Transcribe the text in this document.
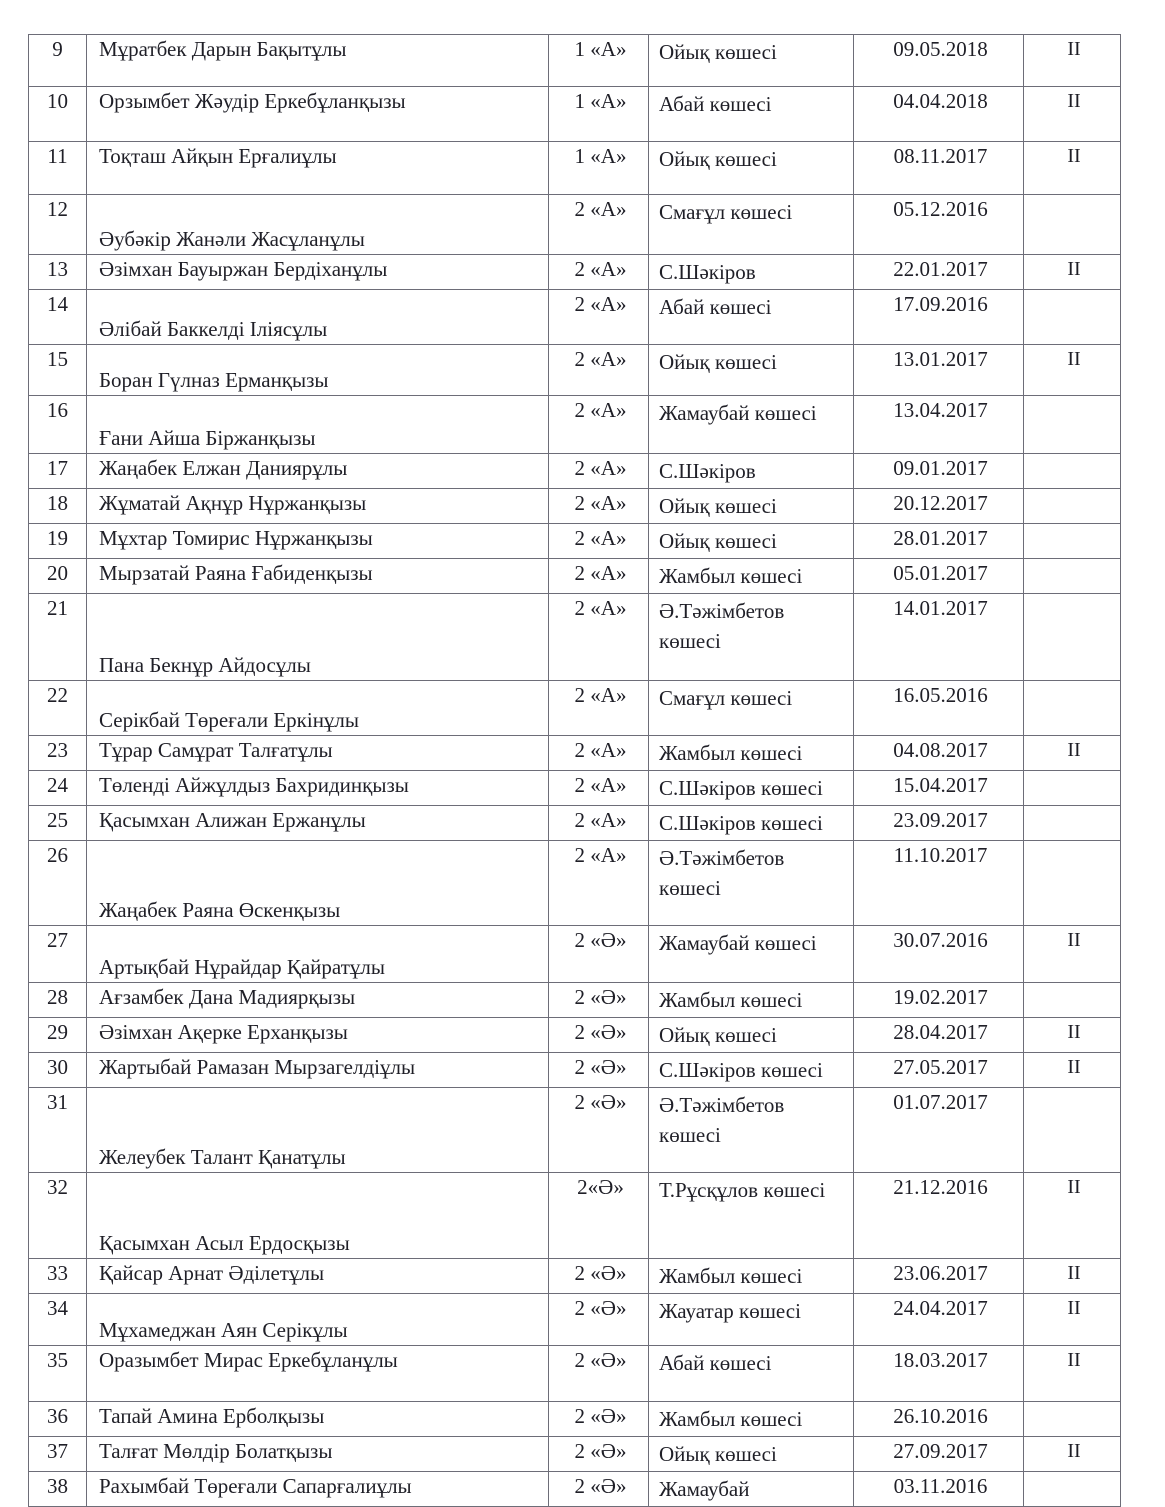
9	Мұратбек Дарын Бақытұлы	1 «А»	Ойық көшесі	09.05.2018	II
10	Орзымбет Жәудір Еркебұланқызы	1 «А»	Абай көшесі	04.04.2018	II
11	Тоқташ Айқын Ерғалиұлы	1 «А»	Ойық көшесі	08.11.2017	II
12	Әубәкір Жанәли Жасұланұлы	2 «А»	Смағұл көшесі	05.12.2016	
13	Әзімхан Бауыржан Бердіханұлы	2 «А»	С.Шәкіров	22.01.2017	II
14	Әлібай Баккелді Іліясұлы	2 «А»	Абай көшесі	17.09.2016	
15	Боран Гүлназ Ерманқызы	2 «А»	Ойық көшесі	13.01.2017	II
16	Ғани Айша Біржанқызы	2 «А»	Жамаубай көшесі	13.04.2017	
17	Жаңабек Елжан Даниярұлы	2 «А»	С.Шәкіров	09.01.2017	
18	Жұматай Ақнұр Нұржанқызы	2 «А»	Ойық көшесі	20.12.2017	
19	Мұхтар Томирис Нұржанқызы	2 «А»	Ойық көшесі	28.01.2017	
20	Мырзатай Раяна Ғабиденқызы	2 «А»	Жамбыл көшесі	05.01.2017	
21	Пана Бекнұр Айдосұлы	2 «А»	Ә.Тәжімбетов көшесі	14.01.2017	
22	Серікбай Төреғали Еркінұлы	2 «А»	Смағұл көшесі	16.05.2016	
23	Тұрар Самұрат Талғатұлы	2 «А»	Жамбыл көшесі	04.08.2017	II
24	Төленді Айжұлдыз Бахридинқызы	2 «А»	С.Шәкіров көшесі	15.04.2017	
25	Қасымхан Алижан Ержанұлы	2 «А»	С.Шәкіров көшесі	23.09.2017	
26	Жаңабек Раяна Өскенқызы	2 «А»	Ә.Тәжімбетов көшесі	11.10.2017	
27	Артықбай Нұрайдар Қайратұлы	2 «Ә»	Жамаубай көшесі	30.07.2016	II
28	Ағзамбек Дана Мадиярқызы	2 «Ә»	Жамбыл көшесі	19.02.2017	
29	Әзімхан Ақерке Ерханқызы	2 «Ә»	Ойық көшесі	28.04.2017	II
30	Жартыбай Рамазан Мырзагелдіұлы	2 «Ә»	С.Шәкіров көшесі	27.05.2017	II
31	Желеубек Талант Қанатұлы	2 «Ә»	Ә.Тәжімбетов көшесі	01.07.2017	
32	Қасымхан Асыл Ердосқызы	2«Ә»	Т.Рұсқұлов көшесі	21.12.2016	II
33	Қайсар Арнат Әділетұлы	2 «Ә»	Жамбыл көшесі	23.06.2017	II
34	Мұхамеджан Аян Серікұлы	2 «Ә»	Жауатар көшесі	24.04.2017	II
35	Оразымбет Мирас Еркебұланұлы	2 «Ә»	Абай көшесі	18.03.2017	II
36	Тапай Амина Ерболқызы	2 «Ә»	Жамбыл көшесі	26.10.2016	
37	Талғат Мөлдір Болатқызы	2 «Ә»	Ойық көшесі	27.09.2017	II
38	Рахымбай Төреғали Сапарғалиұлы	2 «Ә»	Жамаубай	03.11.2016	
